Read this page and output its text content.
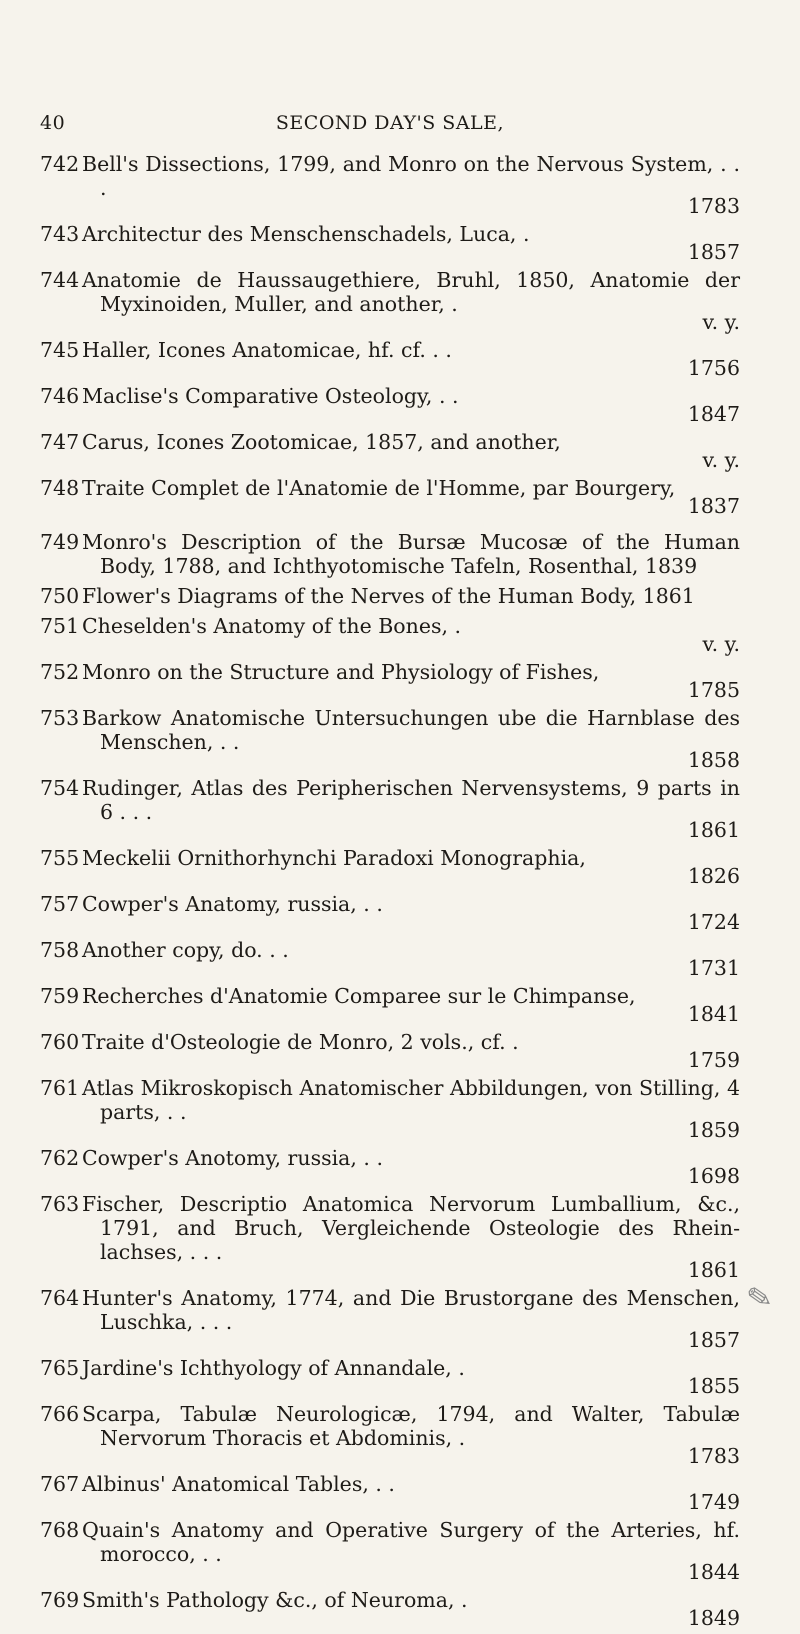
40	SECOND DAY'S SALE,
742 Bell's Dissections, 1799, and Monro on the Nervous System, . . .
1783
743 Architectur des Menschenschadels, Luca, .
1857
744 Anatomie de Haussaugethiere, Bruhl, 1850, Anatomie der Myxinoiden, Muller, and another, .
v. y.
745 Haller, Icones Anatomicae, hf. cf. . .
1756
746 Maclise's Comparative Osteology, . .
1847
747 Carus, Icones Zootomicae, 1857, and another,
v. y.
748 Traite Complet de l'Anatomie de l'Homme, par Bourgery,
1837
749 Monro's Description of the Bursæ Mucosæ of the Human Body, 1788, and Ichthyotomische Tafeln, Rosenthal, 1839
750 Flower's Diagrams of the Nerves of the Human Body, 1861
751 Cheselden's Anatomy of the Bones, .
v. y.
752 Monro on the Structure and Physiology of Fishes,
1785
753 Barkow Anatomische Untersuchungen ube die Harnblase des Menschen, . .
1858
754 Rudinger, Atlas des Peripherischen Nervensystems, 9 parts in 6 . . .
1861
755 Meckelii Ornithorhynchi Paradoxi Monographia,
1826
757 Cowper's Anatomy, russia, . .
1724
758 Another copy, do. . .
1731
759 Recherches d'Anatomie Comparee sur le Chimpanse,
1841
760 Traite d'Osteologie de Monro, 2 vols., cf. .
1759
761 Atlas Mikroskopisch Anatomischer Abbildungen, von Stilling, 4 parts, . .
1859
762 Cowper's Anotomy, russia, . .
1698
763 Fischer, Descriptio Anatomica Nervorum Lumballium, &c., 1791, and Bruch, Vergleichende Osteologie des Rhein-lachses, . . .
1861
764 Hunter's Anatomy, 1774, and Die Brustorgane des Menschen, Luschka, . . .
1857
765 Jardine's Ichthyology of Annandale, .
1855
766 Scarpa, Tabulæ Neurologicæ, 1794, and Walter, Tabulæ Nervorum Thoracis et Abdominis, .
1783
767 Albinus' Anatomical Tables, . .
1749
768 Quain's Anatomy and Operative Surgery of the Arteries, hf. morocco, . .
1844
769 Smith's Pathology &c., of Neuroma, .
1849
✎
